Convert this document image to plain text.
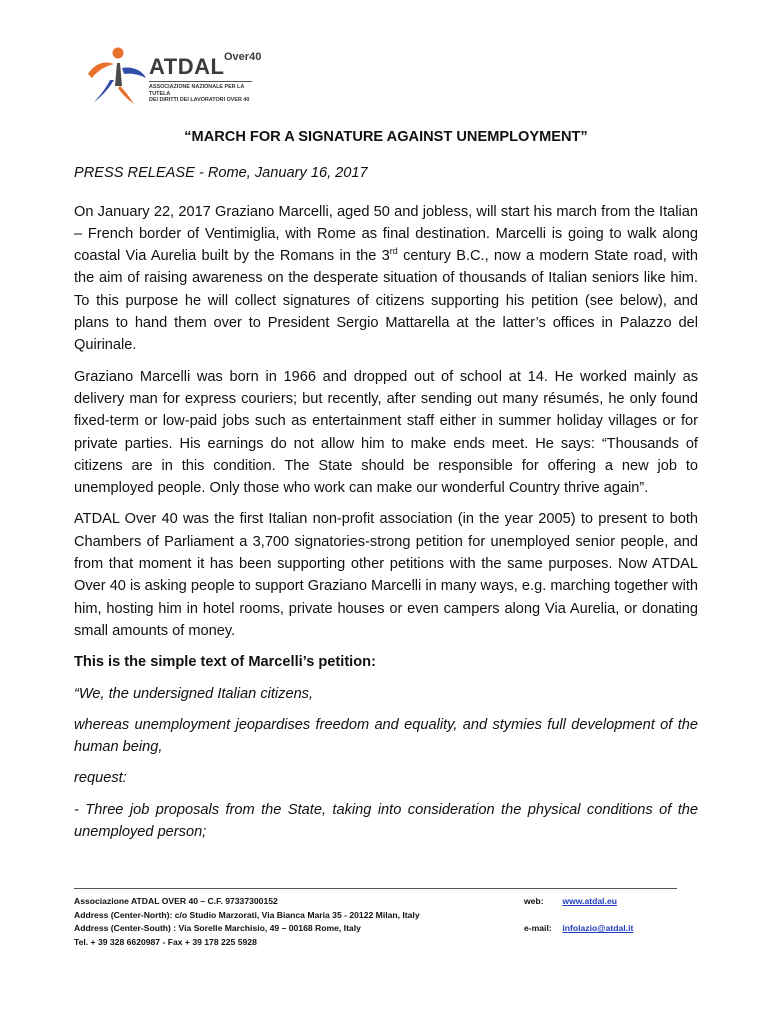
ATDAL Over40
ASSOCIAZIONE NAZIONALE PER LA TUTELA
DEI DIRITTI DEI LAVORATORI OVER 40
“MARCH FOR A SIGNATURE AGAINST UNEMPLOYMENT”
PRESS RELEASE - Rome, January 16, 2017
On January 22, 2017 Graziano Marcelli, aged 50 and jobless, will start his march from the Italian – French border of Ventimiglia, with Rome as final destination. Marcelli is going to walk along coastal Via Aurelia built by the Romans in the 3rd century B.C., now a modern State road, with the aim of raising awareness on the desperate situation of thousands of Italian seniors like him. To this purpose he will collect signatures of citizens supporting his petition (see below), and plans to hand them over to President Sergio Mattarella at the latter’s offices in Palazzo del Quirinale.
Graziano Marcelli was born in 1966 and dropped out of school at 14. He worked mainly as delivery man for express couriers; but recently, after sending out many résumés, he only found fixed-term or low-paid jobs such as entertainment staff either in summer holiday villages or for private parties. His earnings do not allow him to make ends meet. He says: “Thousands of citizens are in this condition. The State should be responsible for offering a new job to unemployed people. Only those who work can make our wonderful Country thrive again”.
ATDAL Over 40 was the first Italian non-profit association (in the year 2005) to present to both Chambers of Parliament a 3,700 signatories-strong petition for unemployed senior people, and from that moment it has been supporting other petitions with the same purposes. Now ATDAL Over 40 is asking people to support Graziano Marcelli in many ways, e.g. marching together with him, hosting him in hotel rooms, private houses or even campers along Via Aurelia, or donating small amounts of money.
This is the simple text of Marcelli’s petition:
“We, the undersigned Italian citizens,
whereas unemployment jeopardises freedom and equality, and stymies full development of the human being,
request:
- Three job proposals from the State, taking into consideration the physical conditions of the unemployed person;
Associazione ATDAL OVER 40 – C.F. 97337300152
Address (Center-North): c/o Studio Marzorati, Via Bianca Maria 35 - 20122 Milan, Italy
Address (Center-South) : Via Sorelle Marchisio, 49 – 00168 Rome, Italy
Tel. + 39 328 6620987 - Fax + 39 178 225 5928
web: www.atdal.eu
e-mail: infolazio@atdal.it
